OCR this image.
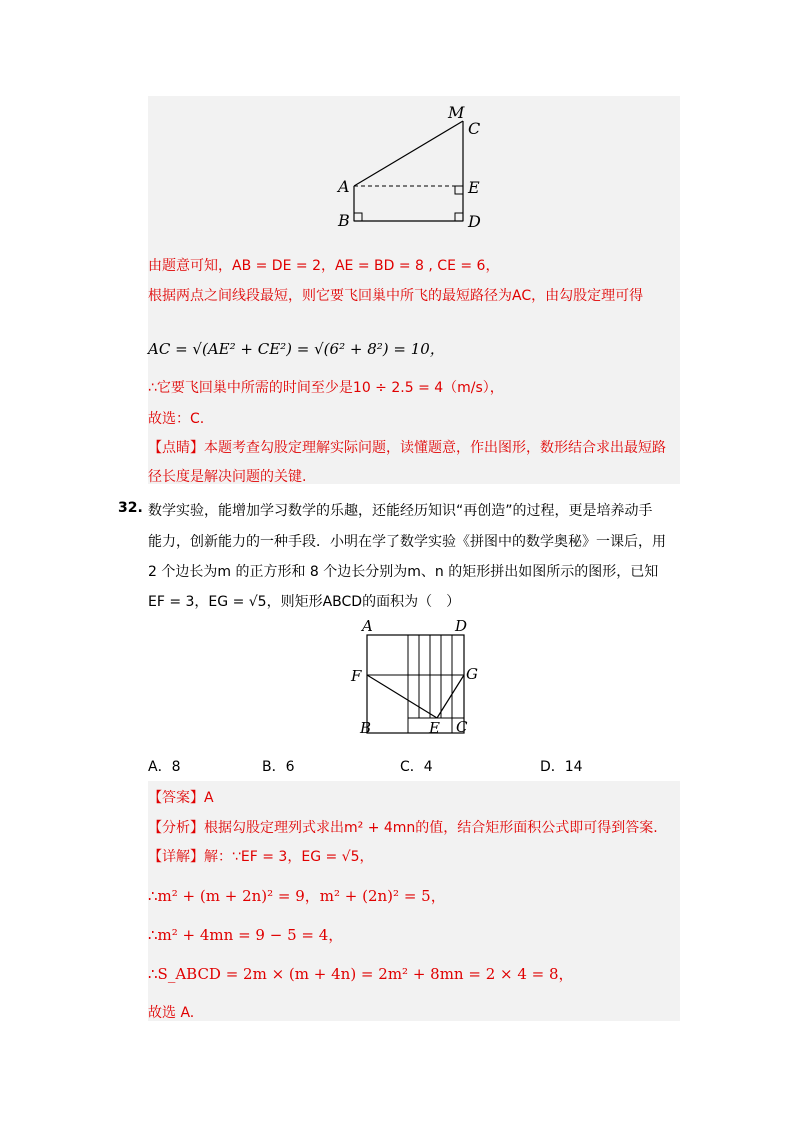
M
C
A	E
B	D
由题意可知，AB = DE = 2，AE = BD = 8 , CE = 6，
根据两点之间线段最短，则它要飞回巢中所飞的最短路径为AC，由勾股定理可得
AC = √(AE² + CE²) = √(6² + 8²) = 10，
∴它要飞回巢中所需的时间至少是10 ÷ 2.5 = 4（m/s），
故选：C.
【点睛】本题考查勾股定理解实际问题，读懂题意，作出图形，数形结合求出最短路
径长度是解决问题的关键.
32. 数学实验，能增加学习数学的乐趣，还能经历知识“再创造”的过程，更是培养动手
能力，创新能力的一种手段．小明在学了数学实验《拼图中的数学奥秘》一课后，用
2 个边长为m 的正方形和 8 个边长分别为m、n 的矩形拼出如图所示的图形，已知
EF = 3，EG = √5，则矩形ABCD的面积为（　）
A	D
F	G
B	E C
A．8	B．6	C．4	D．14
【答案】A
【分析】根据勾股定理列式求出m² + 4mn的值，结合矩形面积公式即可得到答案.
【详解】解：∵EF = 3，EG = √5，
∴m² + (m + 2n)² = 9，m² + (2n)² = 5，
∴m² + 4mn = 9 − 5 = 4，
∴S_ABCD = 2m × (m + 4n) = 2m² + 8mn = 2 × 4 = 8，
故选 A.
